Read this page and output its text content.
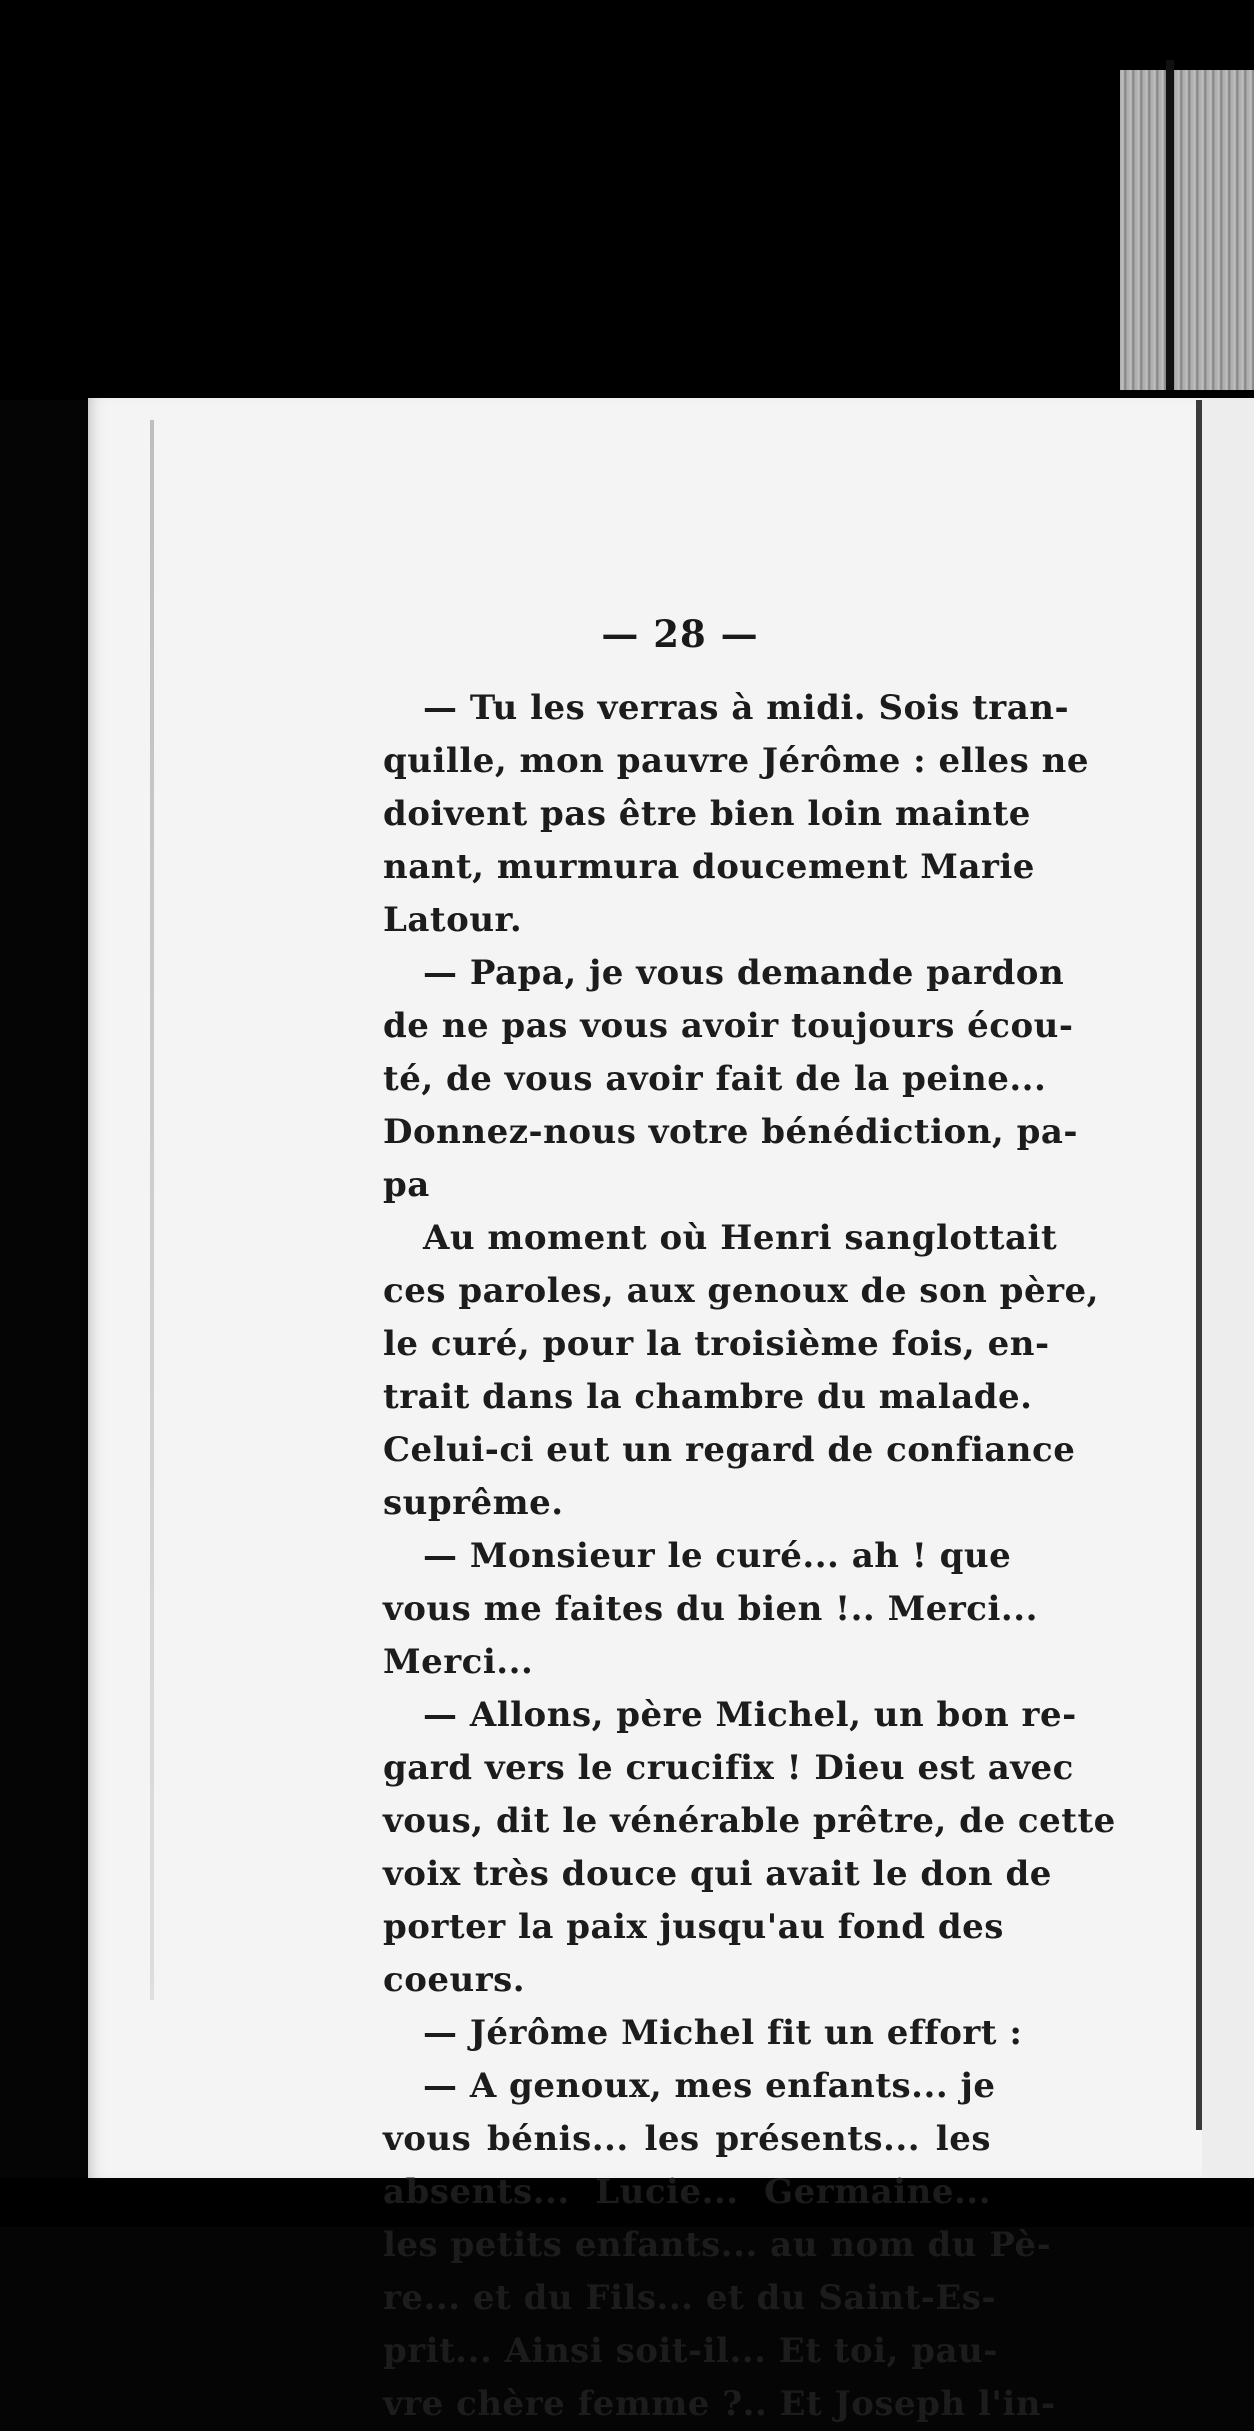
— 28 —
— Tu les verras à midi. Sois tran-
quille, mon pauvre Jérôme : elles ne
doivent pas être bien loin mainte
nant, murmura doucement Marie
Latour.
— Papa, je vous demande pardon
de ne pas vous avoir toujours écou-
té, de vous avoir fait de la peine...
Donnez-nous votre bénédiction, pa-
pa
Au moment où Henri sanglottait
ces paroles, aux genoux de son père,
le curé, pour la troisième fois, en-
trait dans la chambre du malade.
Celui-ci eut un regard de confiance
suprême.
— Monsieur le curé... ah ! que
vous me faites du bien !.. Merci...
Merci...
— Allons, père Michel, un bon re-
gard vers le crucifix ! Dieu est avec
vous, dit le vénérable prêtre, de cette
voix très douce qui avait le don de
porter la paix jusqu'au fond des
coeurs.
— Jérôme Michel fit un effort :
— A genoux, mes enfants... je
vous bénis... les présents... les
absents... Lucie... Germaine...
les petits enfants... au nom du Pè-
re... et du Fils... et du Saint-Es-
prit... Ainsi soit-il... Et toi, pau-
vre chère femme ?.. Et Joseph l'in-
